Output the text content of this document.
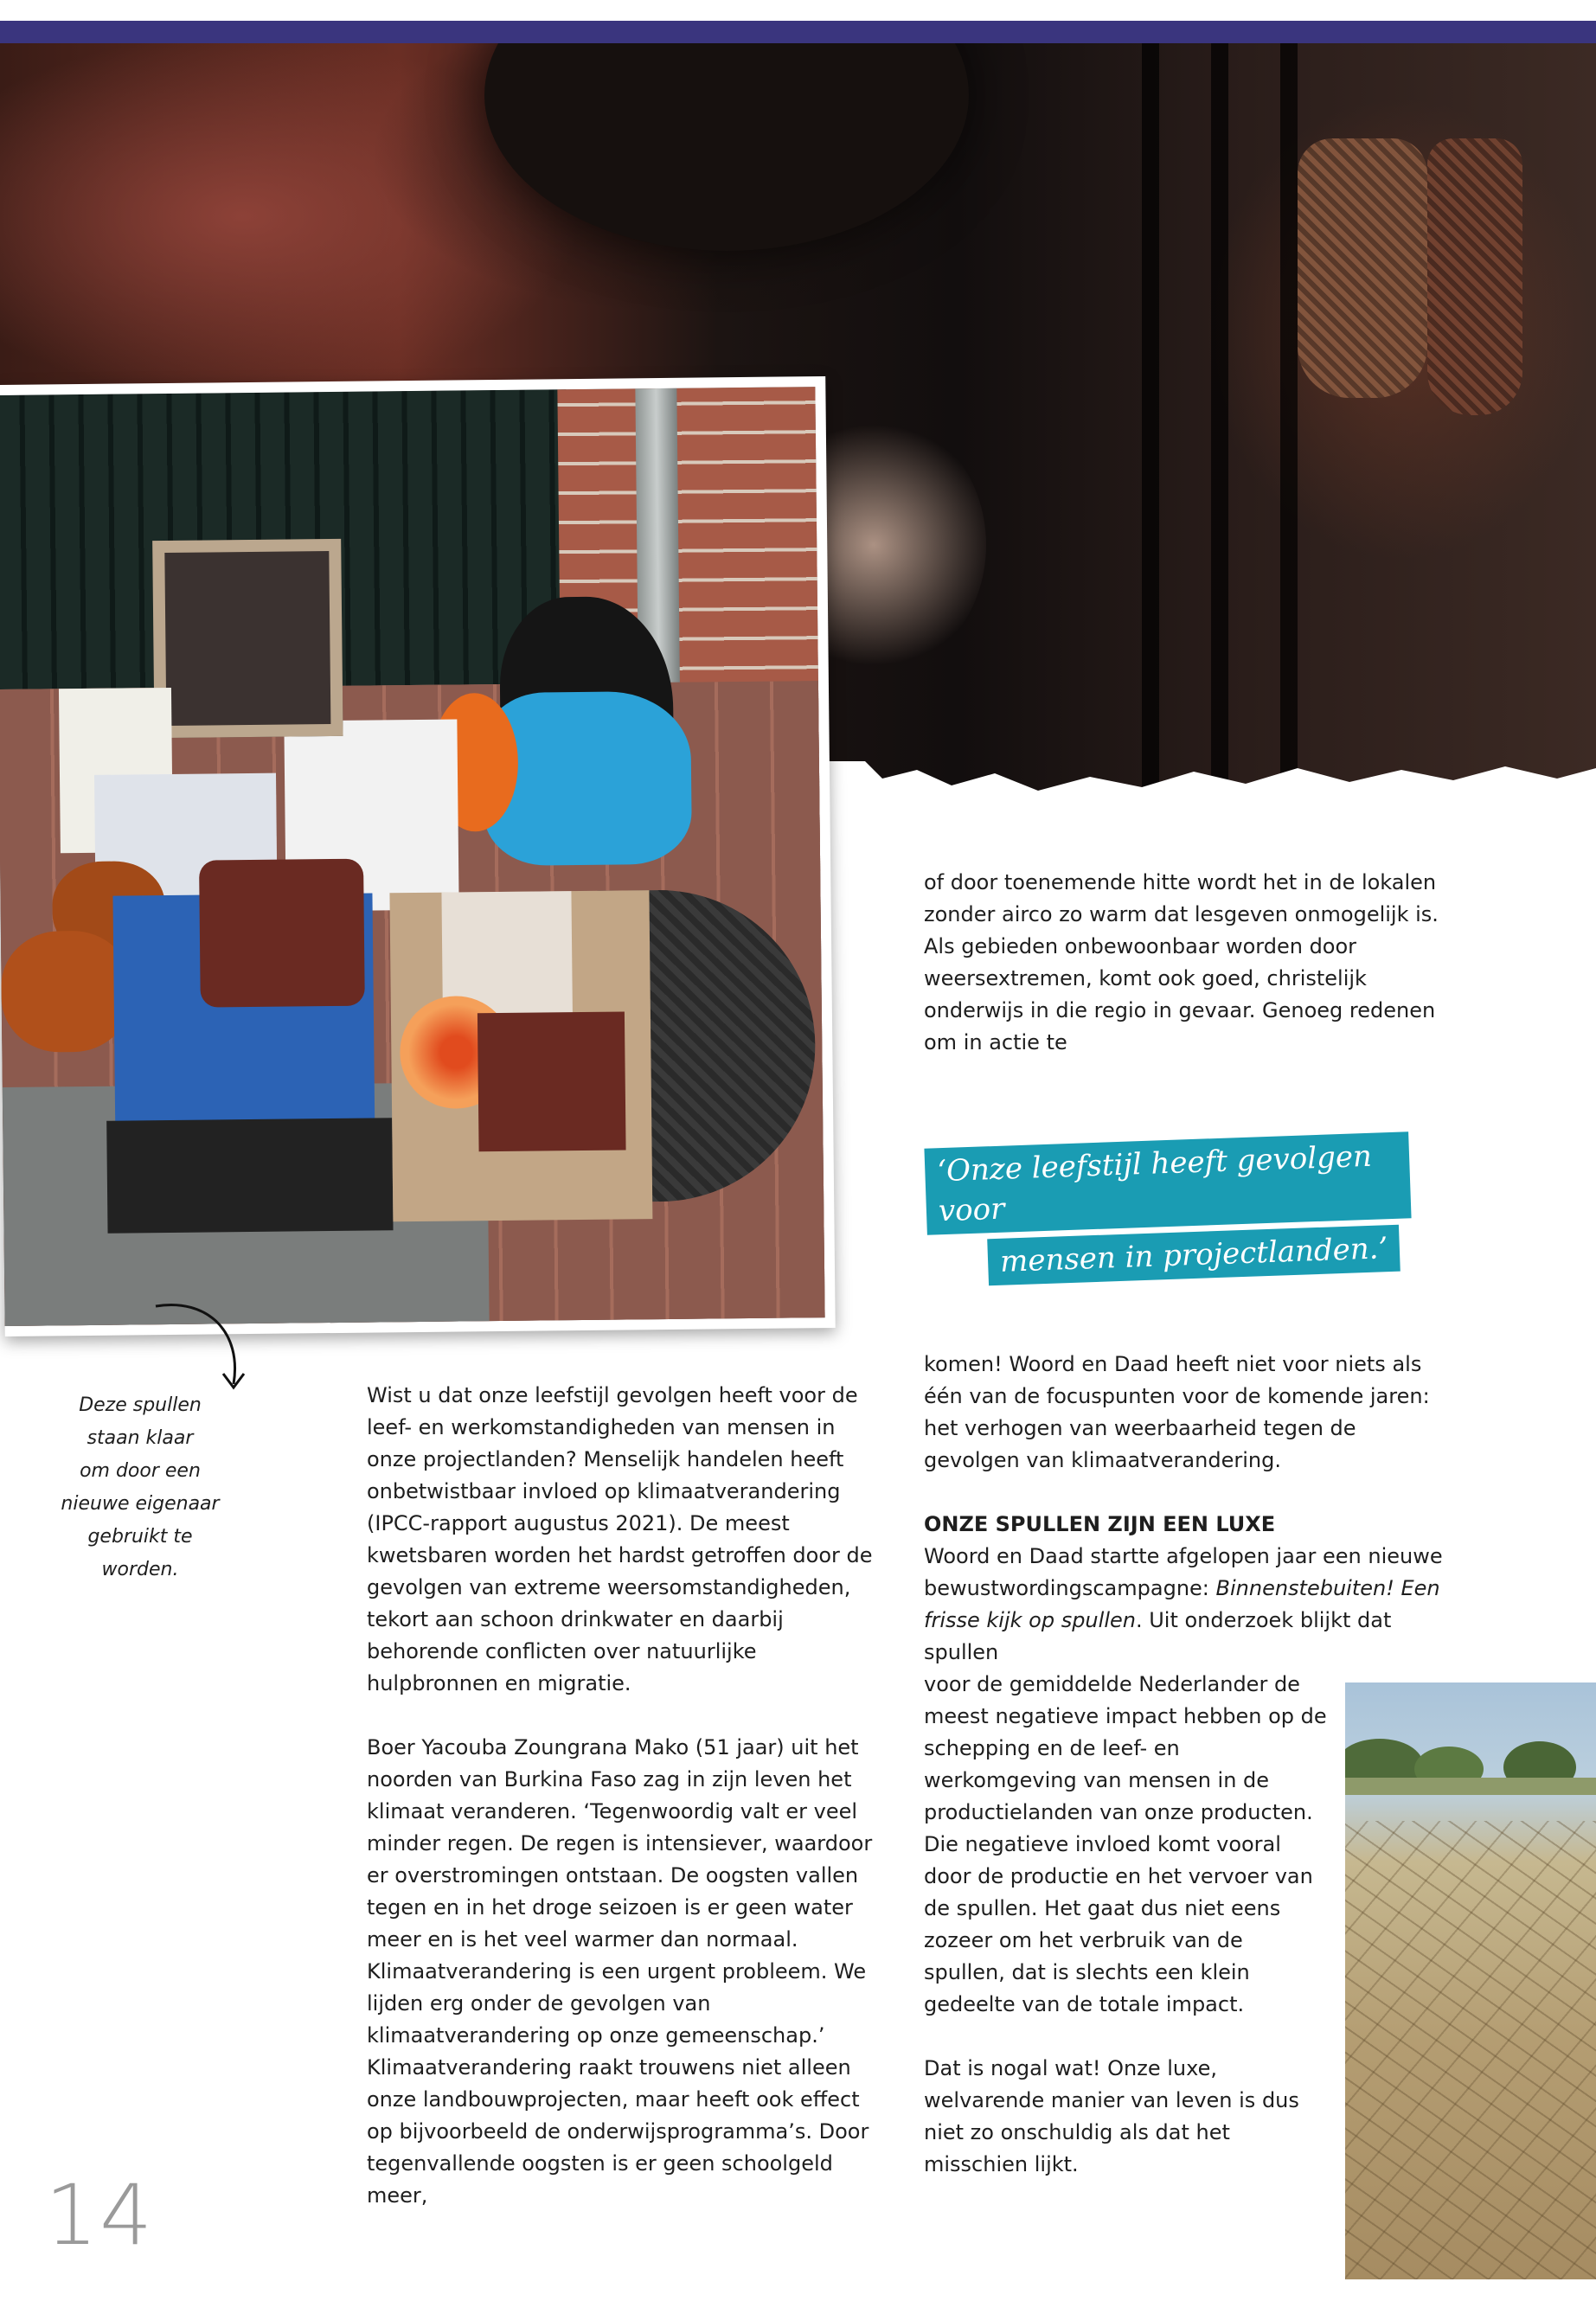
Deze spullen
staan klaar
om door een
nieuwe eigenaar
gebruikt te
worden.

Wist u dat onze leefstijl gevolgen heeft voor de leef- en werkomstandigheden van mensen in onze projectlanden? Menselijk handelen heeft onbetwistbaar invloed op klimaatverandering (IPCC-rapport augustus 2021). De meest kwetsbaren worden het hardst getroffen door de gevolgen van extreme weersomstandigheden, tekort aan schoon drinkwater en daarbij behorende conflicten over natuurlijke hulpbronnen en migratie.

Boer Yacouba Zoungrana Mako (51 jaar) uit het noorden van Burkina Faso zag in zijn leven het klimaat veranderen. ‘Tegenwoordig valt er veel minder regen. De regen is intensiever, waardoor er overstromingen ontstaan. De oogsten vallen tegen en in het droge seizoen is er geen water meer en is het veel warmer dan normaal. Klimaatverandering is een urgent probleem. We lijden erg onder de gevolgen van klimaatverandering op onze gemeenschap.’ Klimaatverandering raakt trouwens niet alleen onze landbouwprojecten, maar heeft ook effect op bijvoorbeeld de onderwijsprogramma’s. Door tegenvallende oogsten is er geen schoolgeld meer,

of door toenemende hitte wordt het in de lokalen zonder airco zo warm dat lesgeven onmogelijk is. Als gebieden onbewoonbaar worden door weersextremen, komt ook goed, christelijk onderwijs in die regio in gevaar. Genoeg redenen om in actie te

‘Onze leefstijl heeft gevolgen voor
mensen in projectlanden.’

komen! Woord en Daad heeft niet voor niets als één van de focuspunten voor de komende jaren: het verhogen van weerbaarheid tegen de gevolgen van klimaatverandering.

ONZE SPULLEN ZIJN EEN LUXE

Woord en Daad startte afgelopen jaar een nieuwe bewustwordingscampagne: Binnenstebuiten! Een frisse kijk op spullen. Uit onderzoek blijkt dat spullen

voor de gemiddelde Nederlander de meest negatieve impact hebben op de schepping en de leef- en werkomgeving van mensen in de productielanden van onze producten. Die negatieve invloed komt vooral door de productie en het vervoer van de spullen. Het gaat dus niet eens zozeer om het verbruik van de spullen, dat is slechts een klein gedeelte van de totale impact.

Dat is nogal wat! Onze luxe, welvarende manier van leven is dus niet zo onschuldig als dat het misschien lijkt.

14
